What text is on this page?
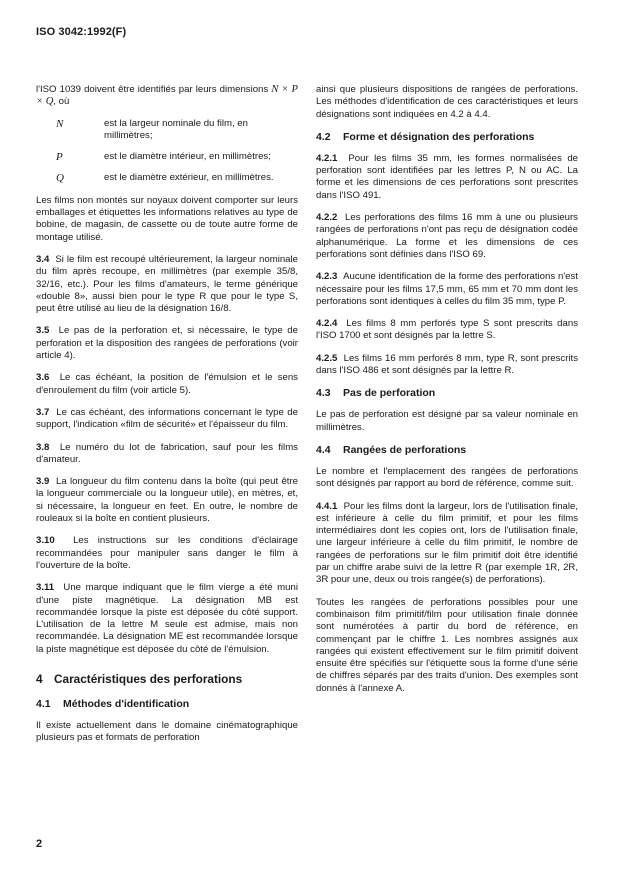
ISO 3042:1992(F)

l'ISO 1039 doivent être identifiés par leurs dimensions N × P × Q, où

N	est la largeur nominale du film, en millimètres;
P	est le diamètre intérieur, en millimètres;
Q	est le diamètre extérieur, en millimètres.

Les films non montés sur noyaux doivent comporter sur leurs emballages et étiquettes les informations relatives au type de bobine, de magasin, de cassette ou de toute autre forme de montage utilisé.

3.4 Si le film est recoupé ultérieurement, la largeur nominale du film après recoupe, en millimètres (par exemple 35/8, 32/16, etc.). Pour les films d'amateurs, le terme générique «double 8», aussi bien pour le type R que pour le type S, peut être utilisé au lieu de la désignation 16/8.

3.5 Le pas de la perforation et, si nécessaire, le type de perforation et la disposition des rangées de perforations (voir article 4).

3.6 Le cas échéant, la position de l'émulsion et le sens d'enroulement du film (voir article 5).

3.7 Le cas échéant, des informations concernant le type de support, l'indication «film de sécurité» et l'épaisseur du film.

3.8 Le numéro du lot de fabrication, sauf pour les films d'amateur.

3.9 La longueur du film contenu dans la boîte (qui peut être la longueur commerciale ou la longueur utile), en mètres, et, si nécessaire, la longueur en feet. En outre, le nombre de rouleaux si la boîte en contient plusieurs.

3.10 Les instructions sur les conditions d'éclairage recommandées pour manipuler sans danger le film à l'ouverture de la boîte.

3.11 Une marque indiquant que le film vierge a été muni d'une piste magnétique. La désignation MB est recommandée lorsque la piste est déposée du côté support. L'utilisation de la lettre M seule est admise, mais non recommandée. La désignation ME est recommandée lorsque la piste magnétique est déposée du côté de l'émulsion.

4 Caractéristiques des perforations
4.1 Méthodes d'identification

Il existe actuellement dans le domaine cinématographique plusieurs pas et formats de perforation

ainsi que plusieurs dispositions de rangées de perforations. Les méthodes d'identification de ces caractéristiques et leurs désignations sont indiquées en 4.2 à 4.4.

4.2 Forme et désignation des perforations

4.2.1 Pour les films 35 mm, les formes normalisées de perforation sont identifiées par les lettres P, N ou AC. La forme et les dimensions de ces perforations sont prescrites dans l'ISO 491.

4.2.2 Les perforations des films 16 mm à une ou plusieurs rangées de perforations n'ont pas reçu de désignation codée alphanumérique. La forme et les dimensions de ces perforations sont définies dans l'ISO 69.

4.2.3 Aucune identification de la forme des perforations n'est nécessaire pour les films 17,5 mm, 65 mm et 70 mm dont les perforations sont identiques à celles du film 35 mm, type P.

4.2.4 Les films 8 mm perforés type S sont prescrits dans l'ISO 1700 et sont désignés par la lettre S.

4.2.5 Les films 16 mm perforés 8 mm, type R, sont prescrits dans l'ISO 486 et sont désignés par la lettre R.

4.3 Pas de perforation

Le pas de perforation est désigné par sa valeur nominale en millimètres.

4.4 Rangées de perforations

Le nombre et l'emplacement des rangées de perforations sont désignés par rapport au bord de référence, comme suit.

4.4.1 Pour les films dont la largeur, lors de l'utilisation finale, est inférieure à celle du film primitif, et pour les films intermédiaires dont les copies ont, lors de l'utilisation finale, une largeur inférieure à celle du film primitif, le nombre de rangées de perforations sur le film primitif doit être identifié par un chiffre arabe suivi de la lettre R (par exemple 1R, 2R, 3R pour une, deux ou trois rangée(s) de perforations).

Toutes les rangées de perforations possibles pour une combinaison film primitif/film pour utilisation finale donnée sont numérotées à partir du bord de référence, en commençant par le chiffre 1. Les nombres assignés aux rangées qui existent effectivement sur le film primitif doivent ensuite être spécifiés sur l'étiquette sous la forme d'une série de chiffres séparés par des traits d'union. Des exemples sont donnés à l'annexe A.

2
